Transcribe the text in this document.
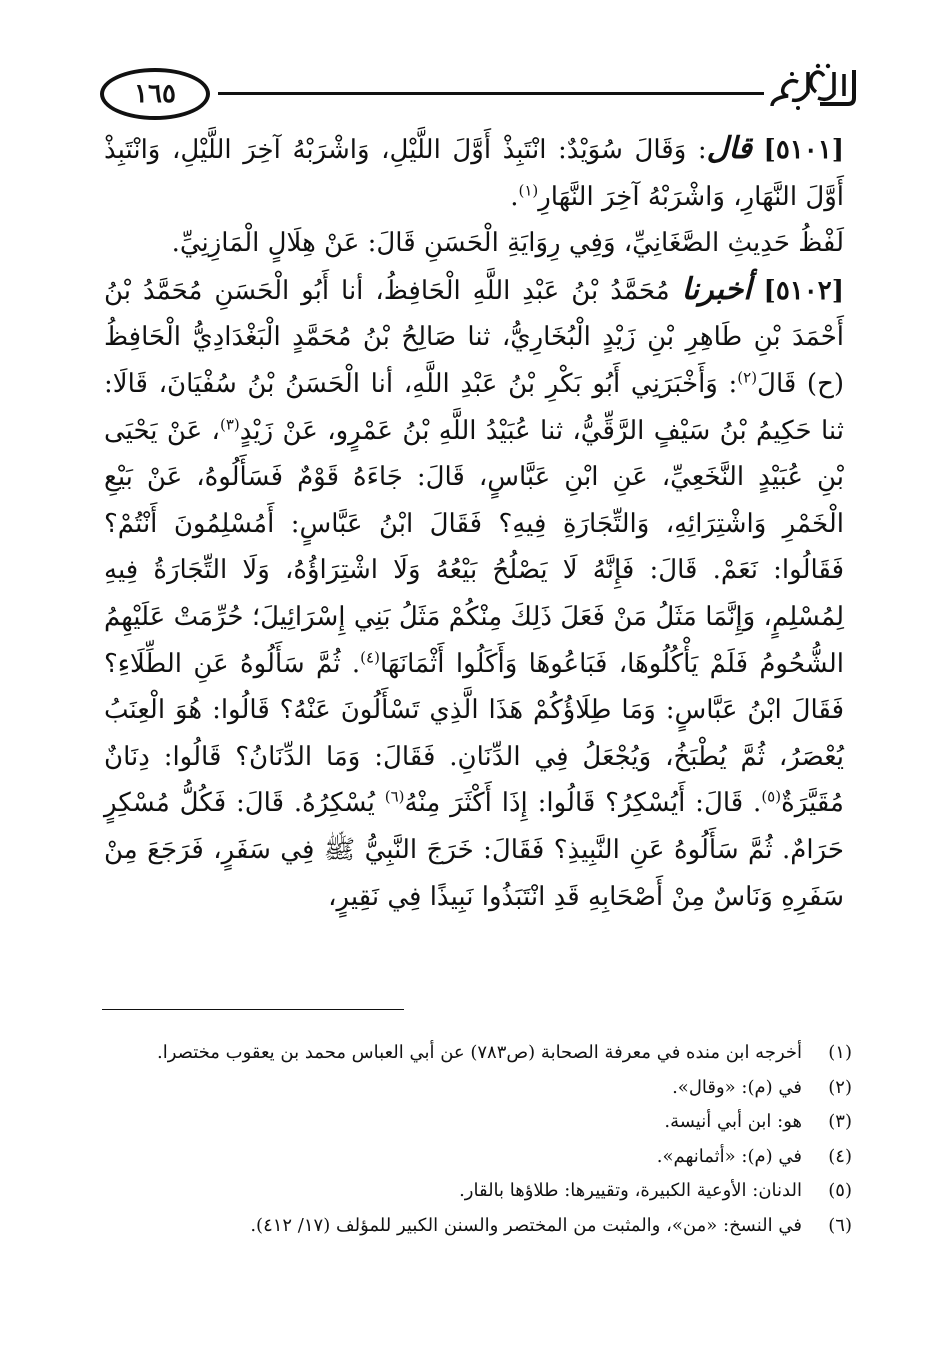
١٦٥

[٥١٠١] قال: وَقَالَ سُوَيْدٌ: انْتَبِذْ أَوَّلَ اللَّيْلِ، وَاشْرَبْهُ آخِرَ اللَّيْلِ، وَانْتَبِذْ أَوَّلَ النَّهَارِ، وَاشْرَبْهُ آخِرَ النَّهَارِ$^{(١)}$.

لَفْظُ حَدِيثِ الصَّغَانِيِّ، وَفِي رِوَايَةِ الْحَسَنِ قَالَ: عَنْ هِلَالٍ الْمَازِنِيِّ.

[٥١٠٢] أخبرنا مُحَمَّدُ بْنُ عَبْدِ اللَّهِ الْحَافِظُ، أنا أَبُو الْحَسَنِ مُحَمَّدُ بْنُ أَحْمَدَ بْنِ طَاهِرِ بْنِ زَيْدٍ الْبُخَارِيُّ، ثنا صَالِحُ بْنُ مُحَمَّدٍ الْبَغْدَادِيُّ الْحَافِظُ (ح) قَالَ$^{(٢)}$: وَأَخْبَرَنِي أَبُو بَكْرِ بْنُ عَبْدِ اللَّهِ، أنا الْحَسَنُ بْنُ سُفْيَانَ، قَالَا: ثنا حَكِيمُ بْنُ سَيْفٍ الرَّقِّيُّ، ثنا عُبَيْدُ اللَّهِ بْنُ عَمْرٍو، عَنْ زَيْدٍ$^{(٣)}$، عَنْ يَحْيَى بْنِ عُبَيْدٍ النَّخَعِيِّ، عَنِ ابْنِ عَبَّاسٍ، قَالَ: جَاءَهُ قَوْمٌ فَسَأَلُوهُ، عَنْ بَيْعِ الْخَمْرِ وَاشْتِرَائِهِ، وَالتِّجَارَةِ فِيهِ؟ فَقَالَ ابْنُ عَبَّاسٍ: أَمُسْلِمُونَ أَنْتُمْ؟ فَقَالُوا: نَعَمْ. قَالَ: فَإِنَّهُ لَا يَصْلُحُ بَيْعُهُ وَلَا اشْتِرَاؤُهُ، وَلَا التِّجَارَةُ فِيهِ لِمُسْلِمٍ، وَإِنَّمَا مَثَلُ مَنْ فَعَلَ ذَلِكَ مِنْكُمْ مَثَلُ بَنِي إِسْرَائِيلَ؛ حُرِّمَتْ عَلَيْهِمُ الشُّحُومُ فَلَمْ يَأْكُلُوهَا، فَبَاعُوهَا وَأَكَلُوا أَثْمَانَهَا$^{(٤)}$. ثُمَّ سَأَلُوهُ عَنِ الطِّلَاءِ؟ فَقَالَ ابْنُ عَبَّاسٍ: وَمَا طِلَاؤُكُمْ هَذَا الَّذِي تَسْأَلُونَ عَنْهُ؟ قَالُوا: هُوَ الْعِنَبُ يُعْصَرُ، ثُمَّ يُطْبَخُ، وَيُجْعَلُ فِي الدِّنَانِ. فَقَالَ: وَمَا الدِّنَانُ؟ قَالُوا: دِنَانٌ مُقَيَّرَةٌ$^{(٥)}$. قَالَ: أَيُسْكِرُ؟ قَالُوا: إِذَا أَكْثَرَ مِنْهُ$^{(٦)}$ يُسْكِرُهُ. قَالَ: فَكُلُّ مُسْكِرٍ حَرَامٌ. ثُمَّ سَأَلُوهُ عَنِ النَّبِيذِ؟ فَقَالَ: خَرَجَ النَّبِيُّ ﷺ فِي سَفَرٍ، فَرَجَعَ مِنْ سَفَرِهِ وَنَاسٌ مِنْ أَصْحَابِهِ قَدِ انْتَبَذُوا نَبِيذًا فِي نَقِيرٍ،

(١)
أخرجه ابن منده في معرفة الصحابة (ص٧٨٣) عن أبي العباس محمد بن يعقوب مختصرا.
(٢)
في (م): «وقال».
(٣)
هو: ابن أبي أنيسة.
(٤)
في (م): «أثمانهم».
(٥)
الدنان: الأوعية الكبيرة، وتقييرها: طلاؤها بالقار.
(٦)
في النسخ: «من»، والمثبت من المختصر والسنن الكبير للمؤلف (١٧/ ٤١٢).
